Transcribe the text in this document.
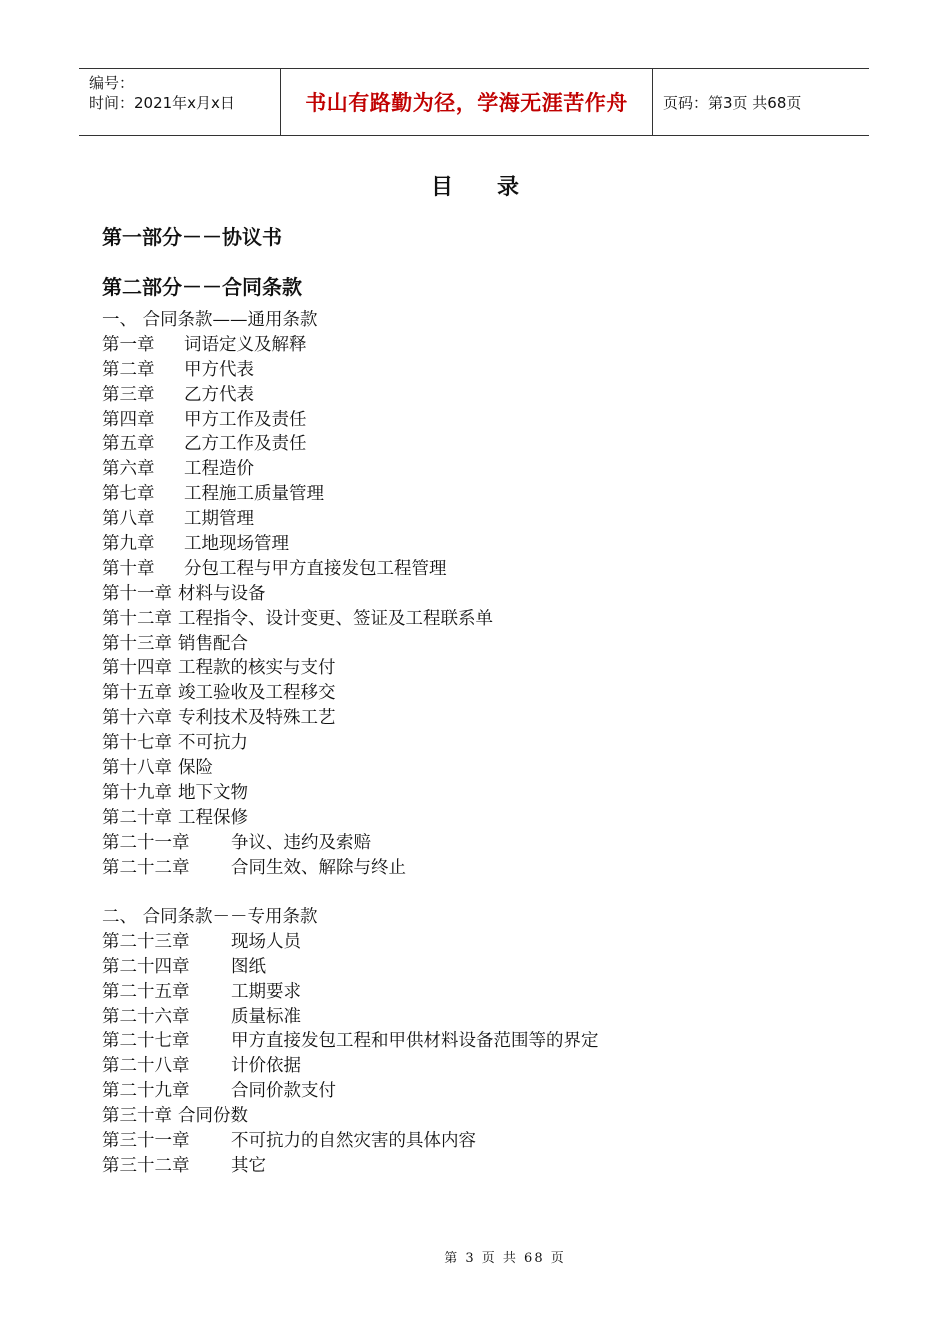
编号：
时间：2021年x月x日	书山有路勤为径，学海无涯苦作舟	页码：第3页 共68页
目录
第一部分－－协议书
第二部分－－合同条款
一、 合同条款——通用条款
第一章 词语定义及解释
第二章 甲方代表
第三章 乙方代表
第四章 甲方工作及责任
第五章 乙方工作及责任
第六章 工程造价
第七章 工程施工质量管理
第八章 工期管理
第九章 工地现场管理
第十章 分包工程与甲方直接发包工程管理
第十一章 材料与设备
第十二章 工程指令、设计变更、签证及工程联系单
第十三章 销售配合
第十四章 工程款的核实与支付
第十五章 竣工验收及工程移交
第十六章 专利技术及特殊工艺
第十七章 不可抗力
第十八章 保险
第十九章 地下文物
第二十章 工程保修
第二十一章 争议、违约及索赔
第二十二章 合同生效、解除与终止
二、 合同条款－－专用条款
第二十三章 现场人员
第二十四章 图纸
第二十五章 工期要求
第二十六章 质量标准
第二十七章 甲方直接发包工程和甲供材料设备范围等的界定
第二十八章 计价依据
第二十九章 合同价款支付
第三十章 合同份数
第三十一章 不可抗力的自然灾害的具体内容
第三十二章 其它
第 3 页 共 68 页
